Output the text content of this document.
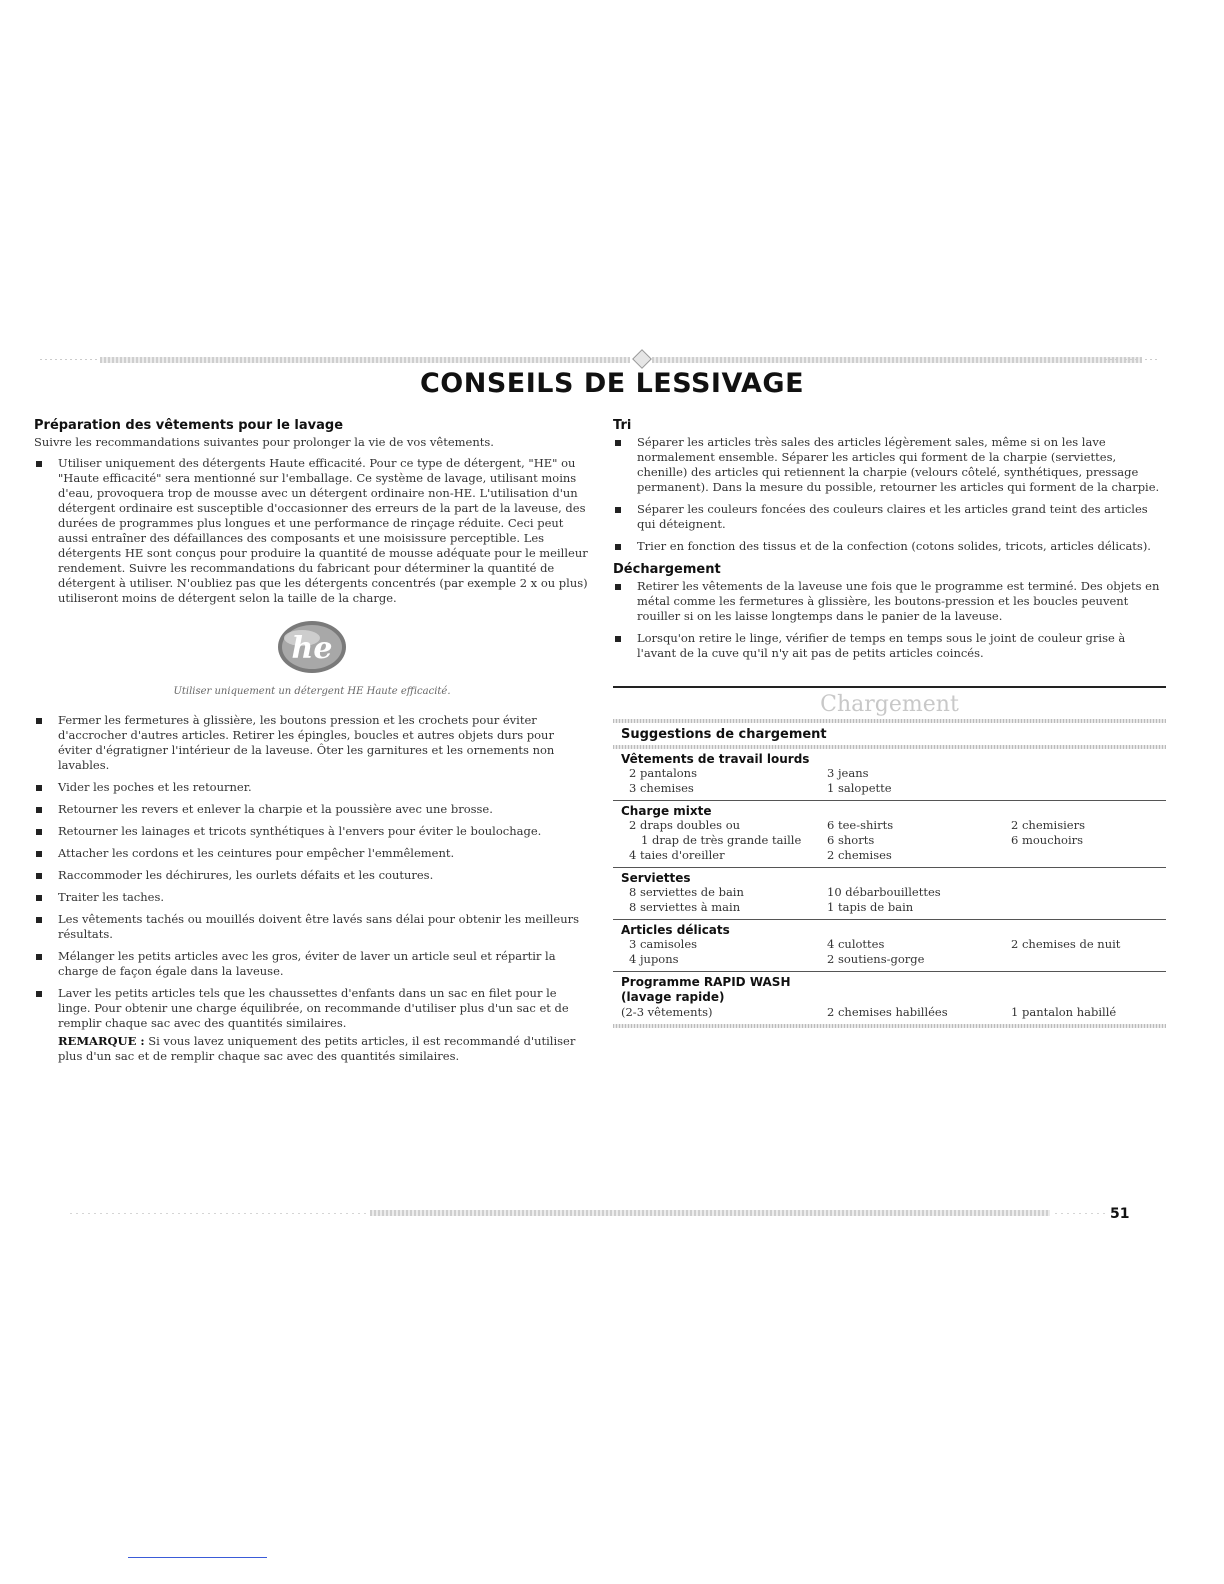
CONSEILS DE LESSIVAGE
Préparation des vêtements pour le lavage

Suivre les recommandations suivantes pour prolonger la vie de vos vêtements.

Utiliser uniquement des détergents Haute efficacité. Pour ce type de détergent, "HE" ou "Haute efficacité" sera mentionné sur l'emballage. Ce système de lavage, utilisant moins d'eau, provoquera trop de mousse avec un détergent ordinaire non-HE. L'utilisation d'un détergent ordinaire est susceptible d'occasionner des erreurs de la part de la laveuse, des durées de programmes plus longues et une performance de rinçage réduite. Ceci peut aussi entraîner des défaillances des composants et une moisissure perceptible. Les détergents HE sont conçus pour produire la quantité de mousse adéquate pour le meilleur rendement. Suivre les recommandations du fabricant pour déterminer la quantité de détergent à utiliser. N'oubliez pas que les détergents concentrés (par exemple 2 x ou plus) utiliseront moins de détergent selon la taille de la charge.
he
Utiliser uniquement un détergent HE Haute efficacité.
Fermer les fermetures à glissière, les boutons pression et les crochets pour éviter d'accrocher d'autres articles. Retirer les épingles, boucles et autres objets durs pour éviter d'égratigner l'intérieur de la laveuse. Ôter les garnitures et les ornements non lavables.
Vider les poches et les retourner.
Retourner les revers et enlever la charpie et la poussière avec une brosse.
Retourner les lainages et tricots synthétiques à l'envers pour éviter le boulochage.
Attacher les cordons et les ceintures pour empêcher l'emmêlement.
Raccommoder les déchirures, les ourlets défaits et les coutures.
Traiter les taches.
Les vêtements tachés ou mouillés doivent être lavés sans délai pour obtenir les meilleurs résultats.
Mélanger les petits articles avec les gros, éviter de laver un article seul et répartir la charge de façon égale dans la laveuse.
Laver les petits articles tels que les chaussettes d'enfants dans un sac en filet pour le linge. Pour obtenir une charge équilibrée, on recommande d'utiliser plus d'un sac et de remplir chaque sac avec des quantités similaires.

REMARQUE : Si vous lavez uniquement des petits articles, il est recommandé d'utiliser plus d'un sac et de remplir chaque sac avec des quantités similaires.

Tri
Séparer les articles très sales des articles légèrement sales, même si on les lave normalement ensemble. Séparer les articles qui forment de la charpie (serviettes, chenille) des articles qui retiennent la charpie (velours côtelé, synthétiques, pressage permanent). Dans la mesure du possible, retourner les articles qui forment de la charpie.
Séparer les couleurs foncées des couleurs claires et les articles grand teint des articles qui déteignent.
Trier en fonction des tissus et de la confection (cotons solides, tricots, articles délicats).
Déchargement
Retirer les vêtements de la laveuse une fois que le programme est terminé. Des objets en métal comme les fermetures à glissière, les boutons-pression et les boucles peuvent rouiller si on les laisse longtemps dans le panier de la laveuse.
Lorsqu'on retire le linge, vérifier de temps en temps sous le joint de couleur grise à l'avant de la cuve qu'il n'y ait pas de petits articles coincés.
Chargement
Suggestions de chargement
Vêtements de travail lourds
2 pantalons	3 jeans
3 chemises	1 salopette
Charge mixte
2 draps doubles ou	6 tee-shirts	2 chemisiers
1 drap de très grande taille	6 shorts	6 mouchoirs
4 taies d'oreiller	2 chemises
Serviettes
8 serviettes de bain	10 débarbouillettes
8 serviettes à main	1 tapis de bain
Articles délicats
3 camisoles	4 culottes	2 chemises de nuit
4 jupons	2 soutiens-gorge
Programme RAPID WASH (lavage rapide)
(2-3 vêtements)	2 chemises habillées	1 pantalon habillé
51
